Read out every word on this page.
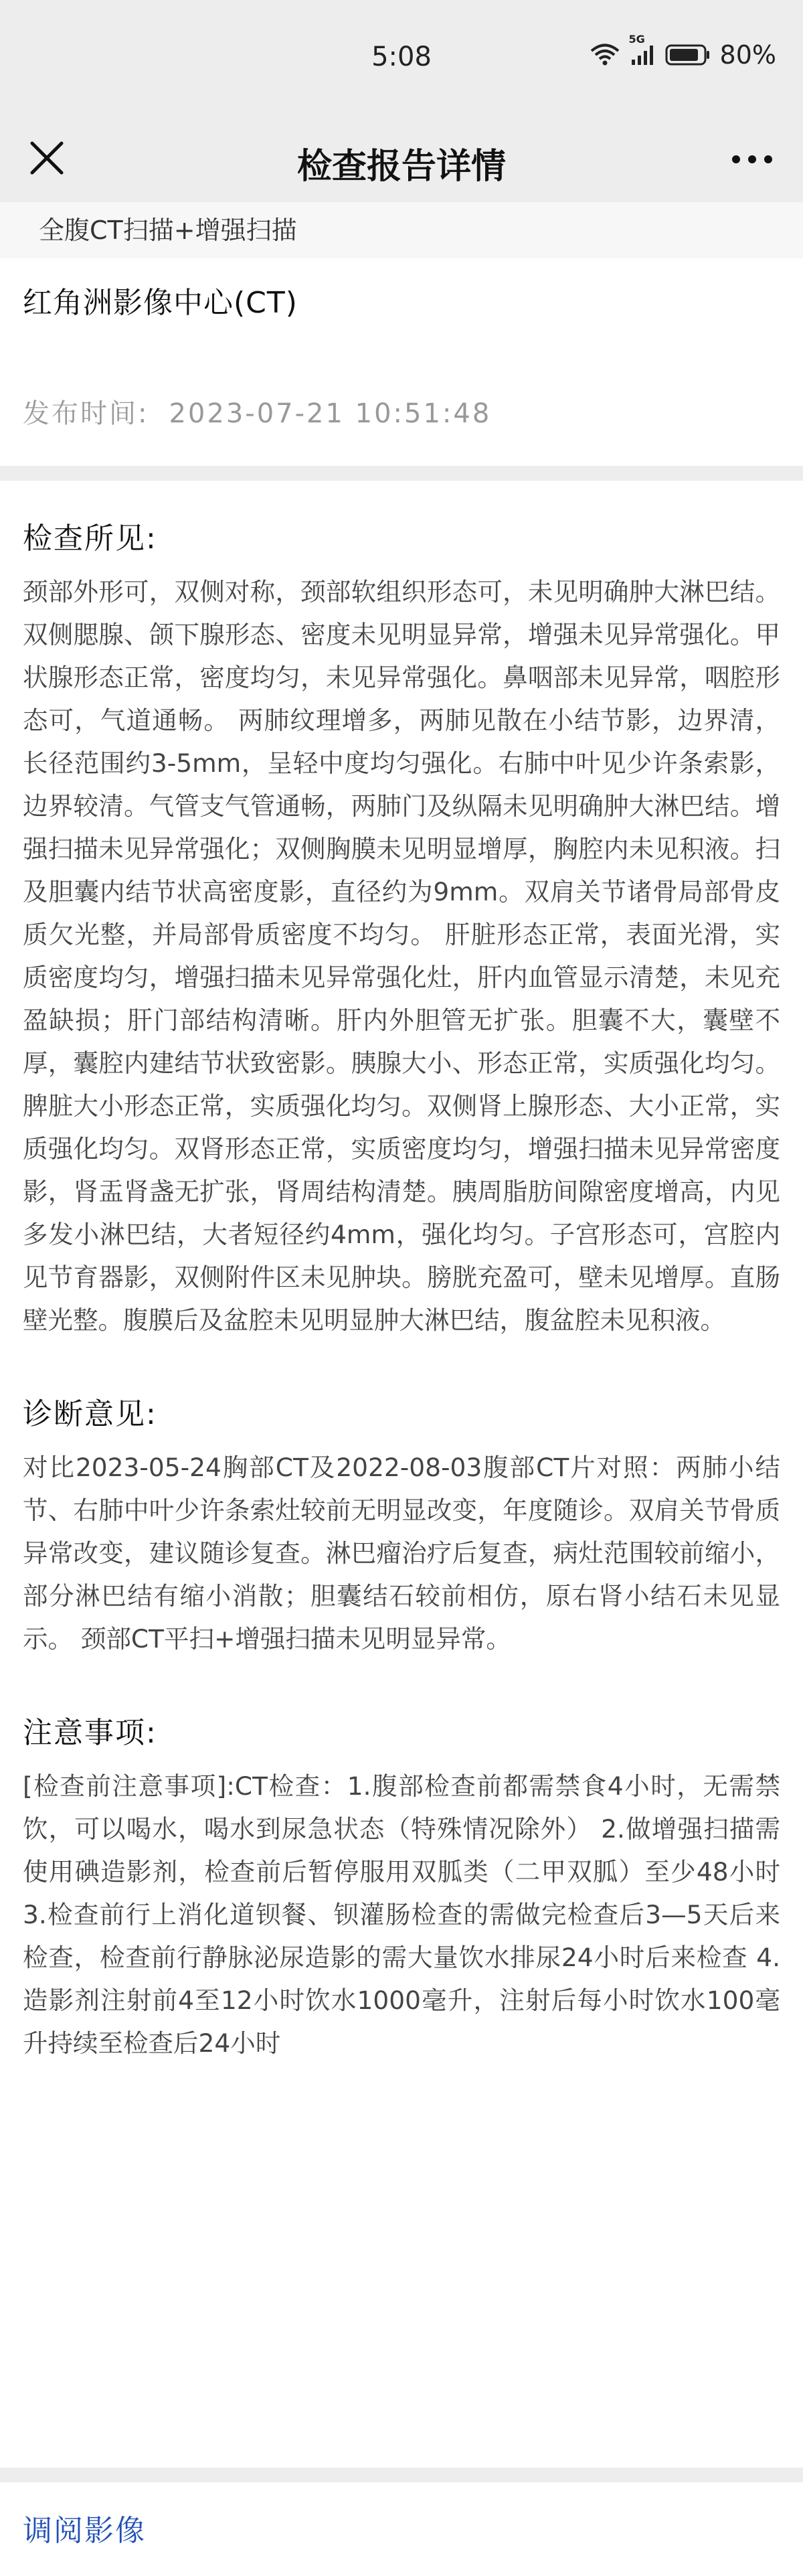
5:08
5G
80%
检查报告详情
全腹CT扫描+增强扫描
红角洲影像中心(CT)
发布时间: 2023-07-21 10:51:48
检查所见:
颈部外形可，双侧对称，颈部软组织形态可，未见明确肿大淋巴结。双侧腮腺、颌下腺形态、密度未见明显异常，增强未见异常强化。甲状腺形态正常，密度均匀，未见异常强化。鼻咽部未见异常，咽腔形态可，气道通畅。 两肺纹理增多，两肺见散在小结节影，边界清，长径范围约3-5mm，呈轻中度均匀强化。右肺中叶见少许条索影，边界较清。气管支气管通畅，两肺门及纵隔未见明确肿大淋巴结。增强扫描未见异常强化；双侧胸膜未见明显增厚，胸腔内未见积液。扫及胆囊内结节状高密度影，直径约为9mm。双肩关节诸骨局部骨皮质欠光整，并局部骨质密度不均匀。 肝脏形态正常，表面光滑，实质密度均匀，增强扫描未见异常强化灶，肝内血管显示清楚，未见充盈缺损；肝门部结构清晰。肝内外胆管无扩张。胆囊不大，囊壁不厚，囊腔内建结节状致密影。胰腺大小、形态正常，实质强化均匀。脾脏大小形态正常，实质强化均匀。双侧肾上腺形态、大小正常，实质强化均匀。双肾形态正常，实质密度均匀，增强扫描未见异常密度影，肾盂肾盏无扩张，肾周结构清楚。胰周脂肪间隙密度增高，内见多发小淋巴结，大者短径约4mm，强化均匀。子宫形态可，宫腔内见节育器影，双侧附件区未见肿块。膀胱充盈可，壁未见增厚。直肠壁光整。腹膜后及盆腔未见明显肿大淋巴结，腹盆腔未见积液。
诊断意见:
对比2023-05-24胸部CT及2022-08-03腹部CT片对照：两肺小结节、右肺中叶少许条索灶较前无明显改变，年度随诊。双肩关节骨质异常改变，建议随诊复查。淋巴瘤治疗后复查，病灶范围较前缩小，部分淋巴结有缩小消散；胆囊结石较前相仿，原右肾小结石未见显示。 颈部CT平扫+增强扫描未见明显异常。
注意事项:
[检查前注意事项]:CT检查：1.腹部检查前都需禁食4小时，无需禁饮，可以喝水，喝水到尿急状态（特殊情况除外） 2.做增强扫描需使用碘造影剂，检查前后暂停服用双胍类（二甲双胍）至少48小时 3.检查前行上消化道钡餐、钡灌肠检查的需做完检查后3—5天后来检查，检查前行静脉泌尿造影的需大量饮水排尿24小时后来检查 4.造影剂注射前4至12小时饮水1000毫升，注射后每小时饮水100毫升持续至检查后24小时
调阅影像
